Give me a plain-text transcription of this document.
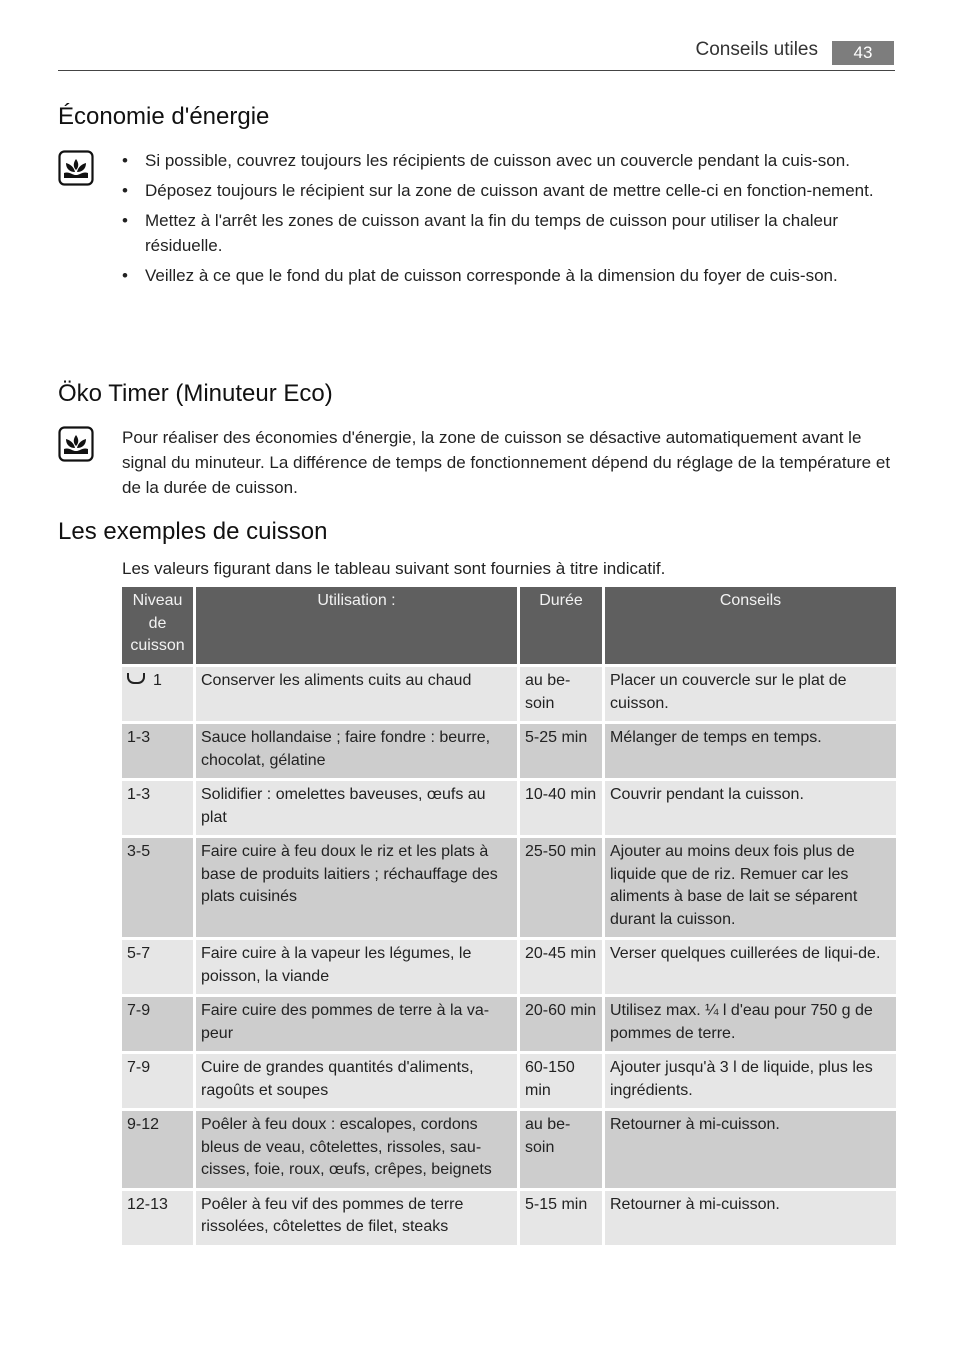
Conseils utiles	43
Économie d'énergie
• Si possible, couvrez toujours les récipients de cuisson avec un couvercle pendant la cuis-son.
• Déposez toujours le récipient sur la zone de cuisson avant de mettre celle-ci en fonction-nement.
• Mettez à l'arrêt les zones de cuisson avant la fin du temps de cuisson pour utiliser la chaleur résiduelle.
• Veillez à ce que le fond du plat de cuisson corresponde à la dimension du foyer de cuis-son.
Öko Timer (Minuteur Eco)

Pour réaliser des économies d'énergie, la zone de cuisson se désactive automatiquement avant le signal du minuteur. La différence de temps de fonctionnement dépend du réglage de la température et de la durée de cuisson.

Les exemples de cuisson

Les valeurs figurant dans le tableau suivant sont fournies à titre indicatif.

Niveau de cuisson	Utilisation :	Durée	Conseils
1	Conserver les aliments cuits au chaud	au be-soin	Placer un couvercle sur le plat de cuisson.
1-3	Sauce hollandaise ; faire fondre : beurre, chocolat, gélatine	5-25 min	Mélanger de temps en temps.
1-3	Solidifier : omelettes baveuses, œufs au plat	10-40 min	Couvrir pendant la cuisson.
3-5	Faire cuire à feu doux le riz et les plats à base de produits laitiers ; réchauffage des plats cuisinés	25-50 min	Ajouter au moins deux fois plus de liquide que de riz. Remuer car les aliments à base de lait se séparent durant la cuisson.
5-7	Faire cuire à la vapeur les légumes, le poisson, la viande	20-45 min	Verser quelques cuillerées de liqui-de.
7-9	Faire cuire des pommes de terre à la va-peur	20-60 min	Utilisez max. ¼ l d'eau pour 750 g de pommes de terre.
7-9	Cuire de grandes quantités d'aliments, ragoûts et soupes	60-150 min	Ajouter jusqu'à 3 l de liquide, plus les ingrédients.
9-12	Poêler à feu doux : escalopes, cordons bleus de veau, côtelettes, rissoles, sau-cisses, foie, roux, œufs, crêpes, beignets	au be-soin	Retourner à mi-cuisson.
12-13	Poêler à feu vif des pommes de terre rissolées, côtelettes de filet, steaks	5-15 min	Retourner à mi-cuisson.
